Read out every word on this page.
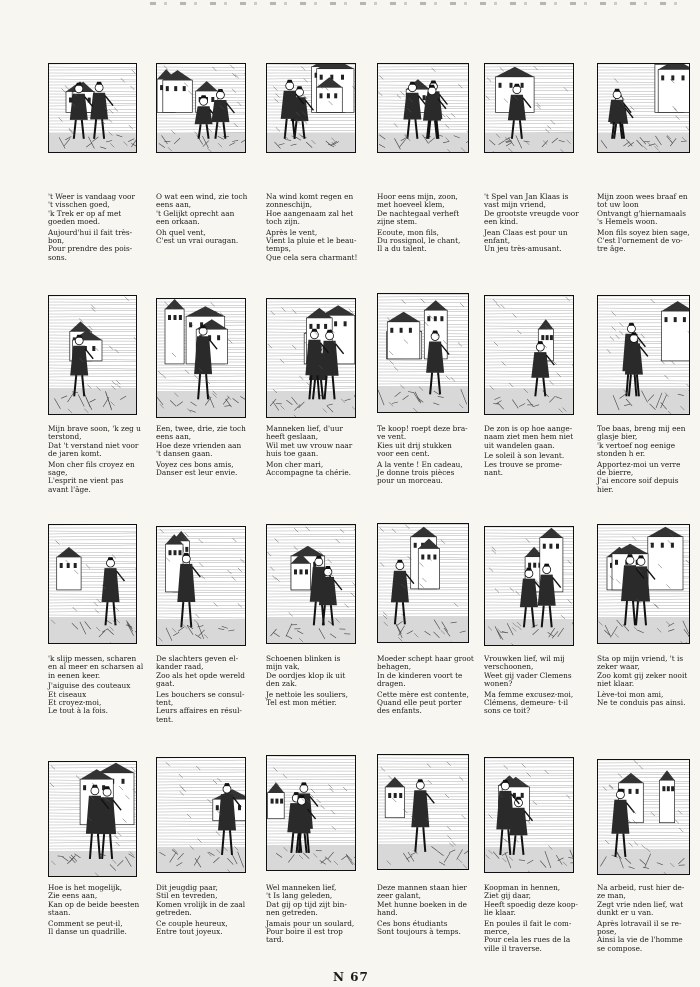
't Weer is vandaag voor
't visschen goed,
'k Trek er op af met
goeden moed.
Aujourd'hui il fait très-
bon,
Pour prendre des pois-
sons.
O wat een wind, zie toch
eens aan,
't Gelijkt oprecht aan
een orkaan.
Oh quel vent,
C'est un vrai ouragan.
Na wind komt regen en
zonneschijn,
Hoe aangenaam zal het
toch zijn.
Après le vent,
Vient la pluie et le beau-
temps,
Que cela sera charmant!
Hoor eens mijn, zoon,
met hoeveel klem,
De nachtegaal verheft
zijne stem.
Ecoute, mon fils,
Du rossignol, le chant,
Il a du talent.
't Spel van Jan Klaas is
vast mijn vriend,
De grootste vreugde voor
een kind.
Jean Claas est pour un
enfant,
Un jeu très-amusant.
Mijn zoon wees braaf en
tot uw loon
Ontvangt g'hiernamaals
's Hemels woon.
Mon fils soyez bien sage,
C'est l'ornement de vo-
tre âge.
Mijn brave soon, 'k zeg u
terstond,
Dat 't verstand niet voor
de jaren komt.
Mon cher fils croyez en
sage,
L'esprit ne vient pas
avant l'âge.
Een, twee, drie, zie toch
eens aan,
Hoe deze vrienden aan
't dansen gaan.
Voyez ces bons amis,
Danser est leur envie.
Manneken lief, d'uur
heeft geslaan,
Wil met uw vrouw naar
huis toe gaan.
Mon cher mari,
Accompagne ta chérie.
Te koop! roept deze bra-
ve vent.
Kies uit drij stukken
voor een cent.
A la vente ! En cadeau,
Je donne trois pièces
pour un morceau.
De zon is op hoe aange-
naam ziet men hem niet
uit wandelen gaan.
Le soleil à son levant.
Les trouve se prome-
nant.
Toe baas, breng mij een
glasje bier,
'k vertoef nog eenige
stonden h er.
Apportez-moi un verre
de bierre,
J'ai encore soif depuis
hier.
'k slijp messen, scharen
en al meer en scharsen al
in eenen keer.
J'aiguise des couteaux
Et ciseaux
Et croyez-moi,
Le tout à la fois.
De slachters geven el-
kander raad,
Zoo als het opde wereld
gaat.
Les bouchers se consul-
tent,
Leurs affaires en résul-
tent.
Schoenen blinken is
mijn vak,
De oordjes klop ik uit
den zak.
Je nettoie les souliers,
Tel est mon métier.
Moeder schept haar groot
behagen,
In de kinderen voort te
dragen.
Cette mère est contente,
Quand elle peut porter
des enfants.
Vrouwken lief, wil mij
verschoonen,
Weet gij vader Clemens
wonen?
Ma femme excusez-moi,
Clémens, demeure- t-il
sons ce toit?
Sta op mijn vriend, 't is
zeker waar,
Zoo komt gij zeker nooit
niet klaar.
Lève-toi mon ami,
Ne te conduis pas ainsi.
Hoe is het mogelijk,
Zie eens aan,
Kan op de beide beesten
staan.
Comment se peut-il,
Il danse un quadrille.
Dit jeugdig paar,
Stil en tevreden,
Komen vrolijk in de zaal
getreden.
Ce couple heureux,
Entre tout joyeux.
Wel manneken lief,
't Is lang geleden,
Dat gij op tijd zijt bin-
nen getreden.
Jamais pour un soulard,
Pour boire il est trop
tard.
Deze mannen staan hier
zeer galant,
Met hunne boeken in de
hand.
Ces bons étudiants
Sont toujours à temps.
Koopman in hennen,
Ziet gij daar,
Heeft spoedig deze koop-
lie klaar.
En poules il fait le com-
merce,
Pour cela les rues de la
ville il traverse.
Na arbeid, rust hier de-
ze man,
Zegt vrie nden lief, wat
dunkt er u van.
Après lotravail il se re-
pose,
Ainsi la vie de l'homme
se compose.
N 67
